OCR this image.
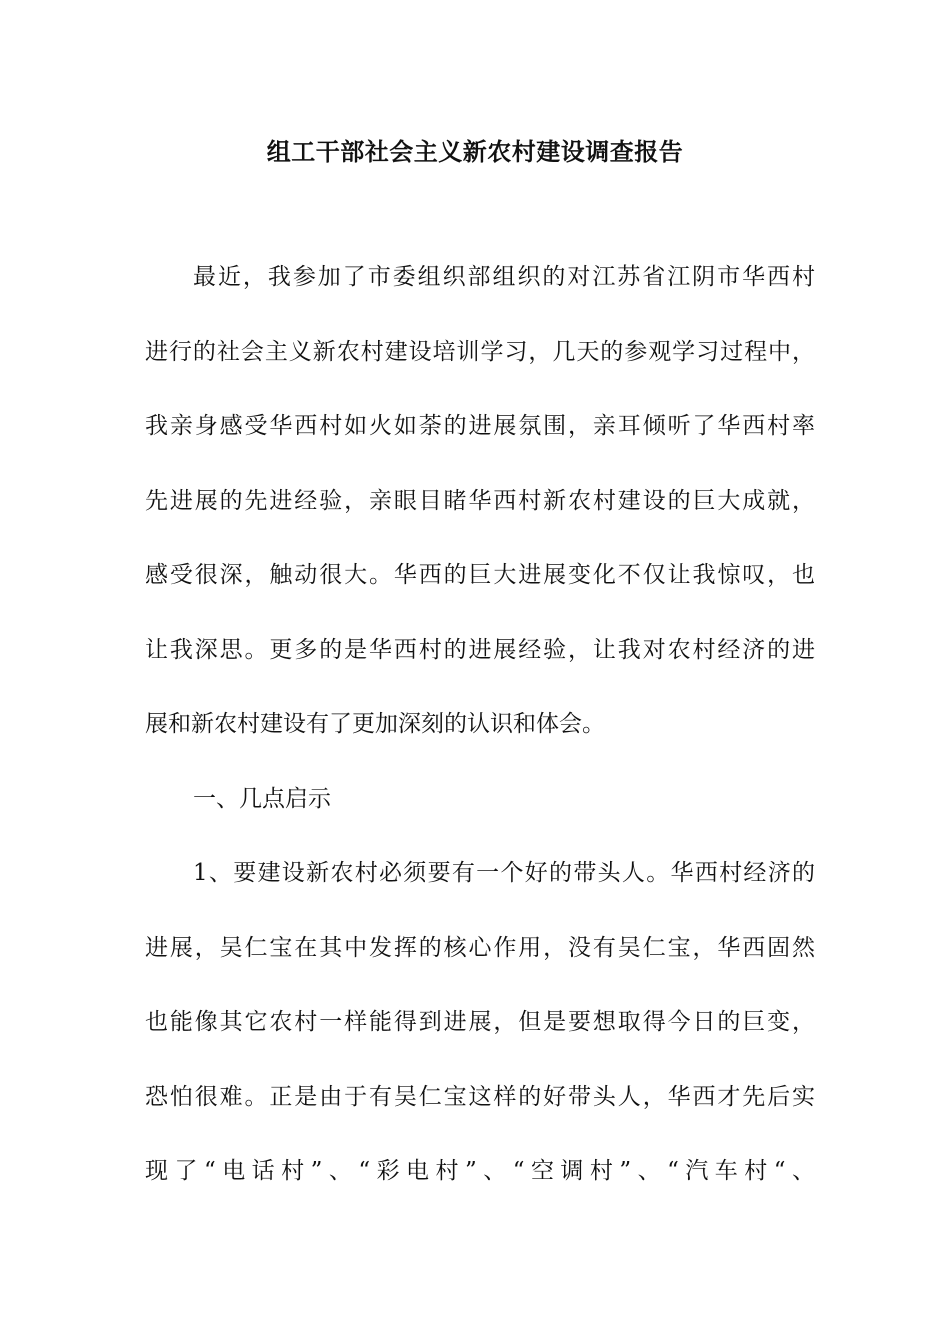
组工干部社会主义新农村建设调查报告
最近，我参加了市委组织部组织的对江苏省江阴市华西村
进行的社会主义新农村建设培训学习，几天的参观学习过程中，
我亲身感受华西村如火如荼的进展氛围，亲耳倾听了华西村率
先进展的先进经验，亲眼目睹华西村新农村建设的巨大成就，
感受很深，触动很大。华西的巨大进展变化不仅让我惊叹，也
让我深思。更多的是华西村的进展经验，让我对农村经济的进
展和新农村建设有了更加深刻的认识和体会。
一、几点启示
1、要建设新农村必须要有一个好的带头人。华西村经济的
进展，吴仁宝在其中发挥的核心作用，没有吴仁宝，华西固然
也能像其它农村一样能得到进展，但是要想取得今日的巨变，
恐怕很难。正是由于有吴仁宝这样的好带头人，华西才先后实
现了“电话村”、“彩电村”、“空调村”、“汽车村“、
